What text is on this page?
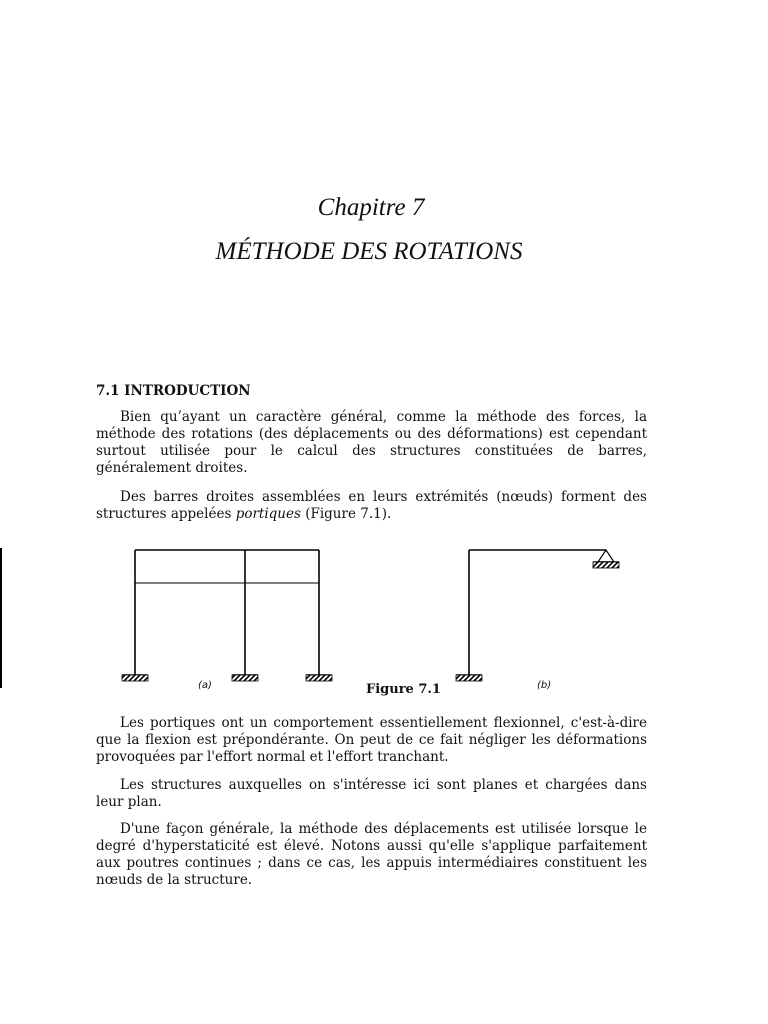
Chapitre 7
MÉTHODE DES ROTATIONS
7.1 INTRODUCTION

Bien qu’ayant un caractère général, comme la méthode des forces, la méthode des rotations (des déplacements ou des déformations) est cependant surtout utilisée pour le calcul des structures constituées de barres, généralement droites.

Des barres droites assemblées en leurs extrémités (nœuds) forment des structures appelées portiques (Figure 7.1).

(a)	Figure 7.1	(b)

Les portiques ont un comportement essentiellement flexionnel, c'est-à-dire que la flexion est prépondérante. On peut de ce fait négliger les déformations provoquées par l'effort normal et l'effort tranchant.

Les structures auxquelles on s'intéresse ici sont planes et chargées dans leur plan.

D'une façon générale, la méthode des déplacements est utilisée lorsque le degré d'hyperstaticité est élevé. Notons aussi qu'elle s'applique parfaitement aux poutres continues ; dans ce cas, les appuis intermédiaires constituent les nœuds de la structure.
